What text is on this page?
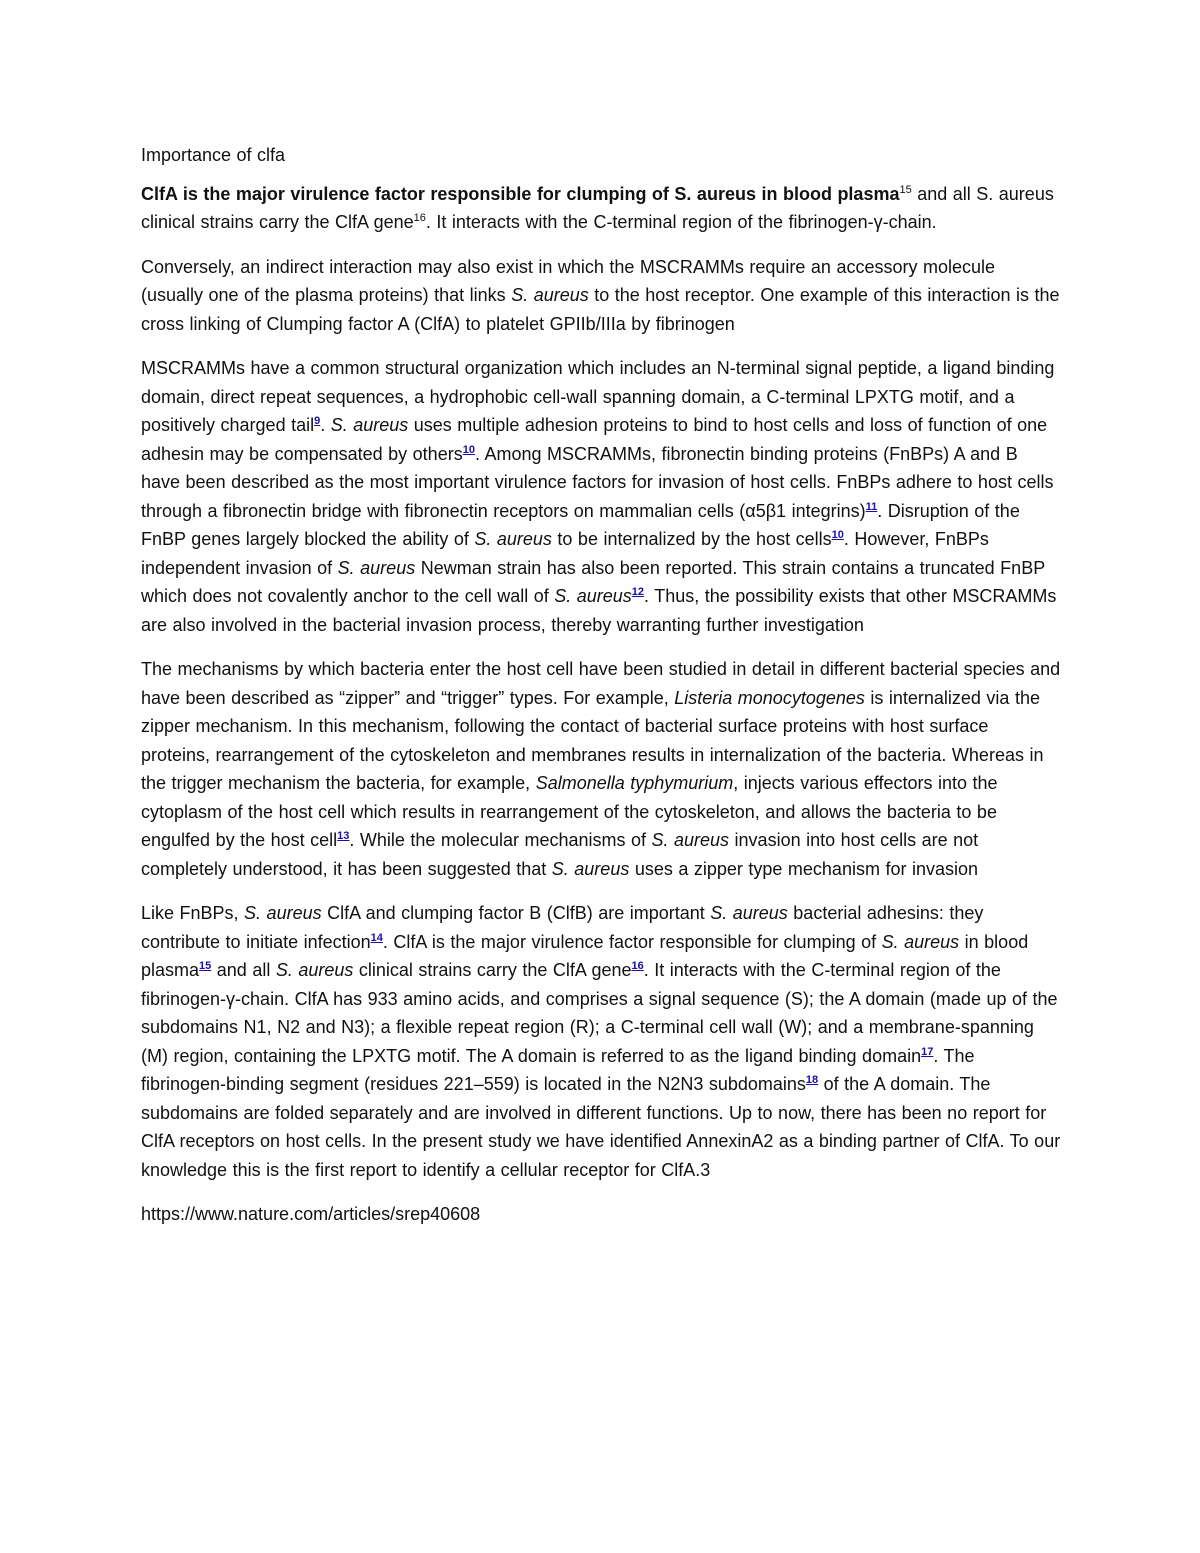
Importance of clfa

ClfA is the major virulence factor responsible for clumping of S. aureus in blood plasma$^{15}$ and all S. aureus clinical strains carry the ClfA gene$^{16}$. It interacts with the C-terminal region of the fibrinogen-γ-chain.

Conversely, an indirect interaction may also exist in which the MSCRAMMs require an accessory molecule (usually one of the plasma proteins) that links S. aureus to the host receptor. One example of this interaction is the cross linking of Clumping factor A (ClfA) to platelet GPIIb/IIIa by fibrinogen

MSCRAMMs have a common structural organization which includes an N-terminal signal peptide, a ligand binding domain, direct repeat sequences, a hydrophobic cell-wall spanning domain, a C-terminal LPXTG motif, and a positively charged tail$^9$. S. aureus uses multiple adhesion proteins to bind to host cells and loss of function of one adhesin may be compensated by others$^{10}$. Among MSCRAMMs, fibronectin binding proteins (FnBPs) A and B have been described as the most important virulence factors for invasion of host cells. FnBPs adhere to host cells through a fibronectin bridge with fibronectin receptors on mammalian cells (α5β1 integrins)$^{11}$. Disruption of the FnBP genes largely blocked the ability of S. aureus to be internalized by the host cells$^{10}$. However, FnBPs independent invasion of S. aureus Newman strain has also been reported. This strain contains a truncated FnBP which does not covalently anchor to the cell wall of S. aureus$^{12}$. Thus, the possibility exists that other MSCRAMMs are also involved in the bacterial invasion process, thereby warranting further investigation

The mechanisms by which bacteria enter the host cell have been studied in detail in different bacterial species and have been described as “zipper” and “trigger” types. For example, Listeria monocytogenes is internalized via the zipper mechanism. In this mechanism, following the contact of bacterial surface proteins with host surface proteins, rearrangement of the cytoskeleton and membranes results in internalization of the bacteria. Whereas in the trigger mechanism the bacteria, for example, Salmonella typhymurium, injects various effectors into the cytoplasm of the host cell which results in rearrangement of the cytoskeleton, and allows the bacteria to be engulfed by the host cell$^{13}$. While the molecular mechanisms of S. aureus invasion into host cells are not completely understood, it has been suggested that S. aureus uses a zipper type mechanism for invasion

Like FnBPs, S. aureus ClfA and clumping factor B (ClfB) are important S. aureus bacterial adhesins: they contribute to initiate infection$^{14}$. ClfA is the major virulence factor responsible for clumping of S. aureus in blood plasma$^{15}$ and all S. aureus clinical strains carry the ClfA gene$^{16}$. It interacts with the C-terminal region of the fibrinogen-γ-chain. ClfA has 933 amino acids, and comprises a signal sequence (S); the A domain (made up of the subdomains N1, N2 and N3); a flexible repeat region (R); a C-terminal cell wall (W); and a membrane-spanning (M) region, containing the LPXTG motif. The A domain is referred to as the ligand binding domain$^{17}$. The fibrinogen-binding segment (residues 221–559) is located in the N2N3 subdomains$^{18}$ of the A domain. The subdomains are folded separately and are involved in different functions. Up to now, there has been no report for ClfA receptors on host cells. In the present study we have identified AnnexinA2 as a binding partner of ClfA. To our knowledge this is the first report to identify a cellular receptor for ClfA.3

https://www.nature.com/articles/srep40608
